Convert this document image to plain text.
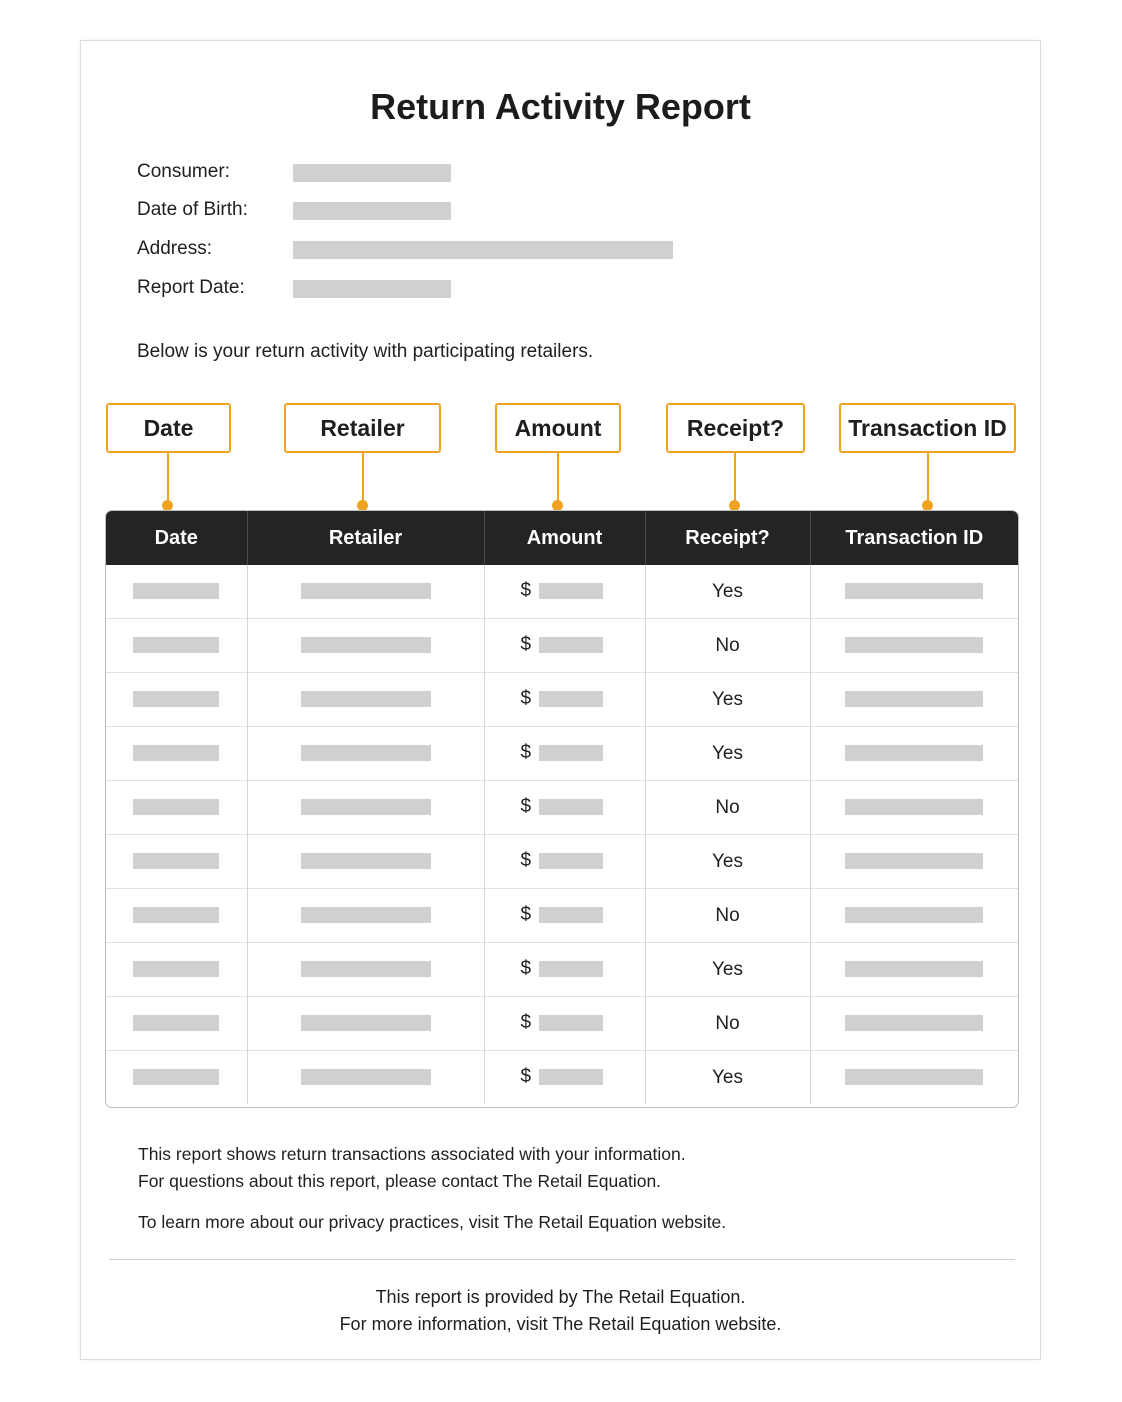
Return Activity Report
Consumer:
Date of Birth:
Address:
Report Date:
Below is your return activity with participating retailers.
Date	Retailer	Amount	Receipt?	Transaction ID
Date	Retailer	Amount	Receipt?	Transaction ID
		$	Yes	
		$	No	
		$	Yes	
		$	Yes	
		$	No	
		$	Yes	
		$	No	
		$	Yes	
		$	No	
		$	Yes	
This report shows return transactions associated with your information.
For questions about this report, please contact The Retail Equation.
To learn more about our privacy practices, visit The Retail Equation website.
This report is provided by The Retail Equation.
For more information, visit The Retail Equation website.
